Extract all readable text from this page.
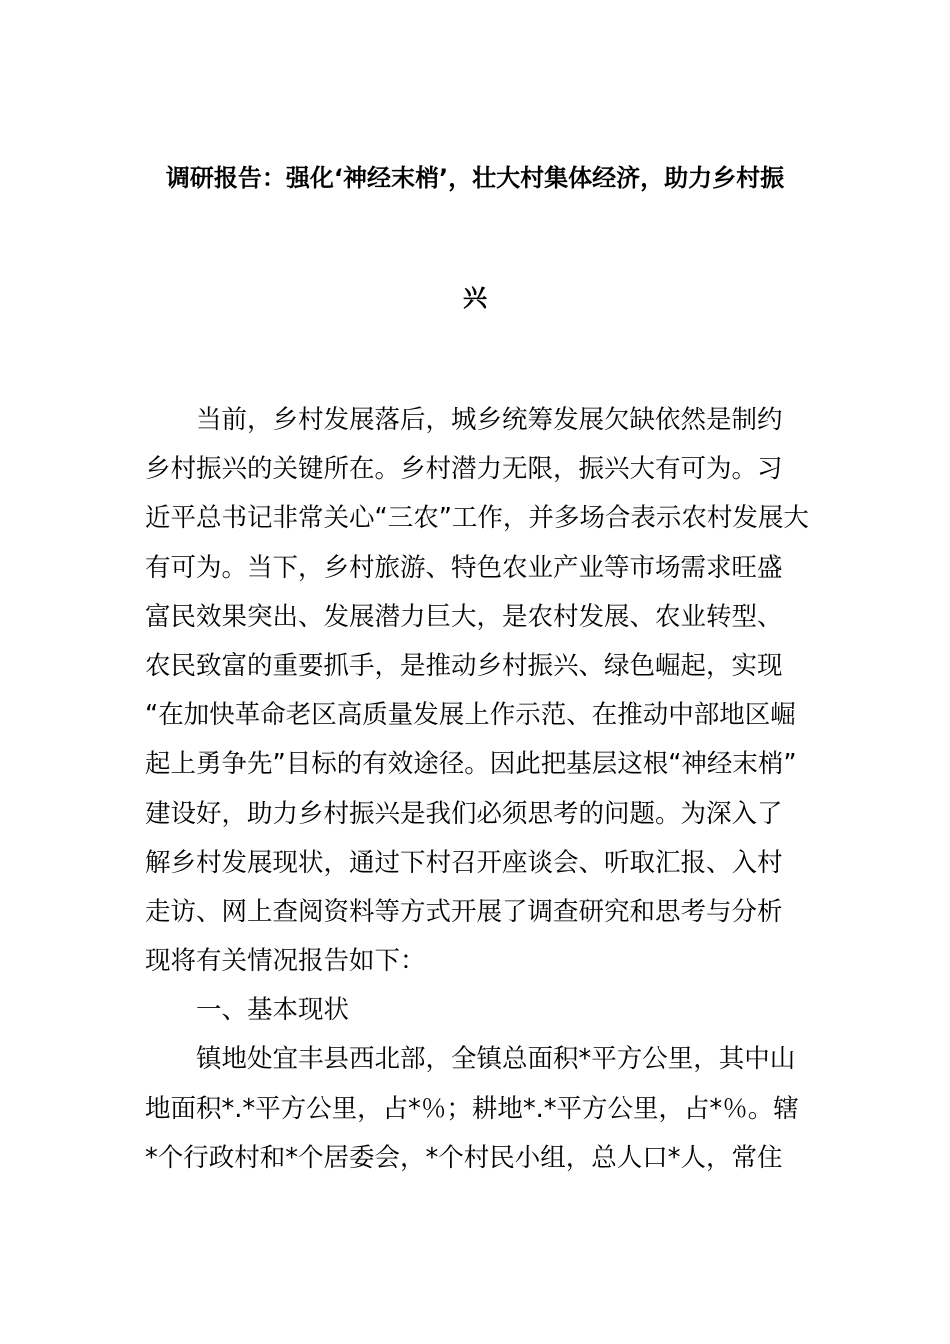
调研报告：强化‘神经末梢’，壮大村集体经济，助力乡村振
兴
当前，乡村发展落后，城乡统筹发展欠缺依然是制约
乡村振兴的关键所在。乡村潜力无限，振兴大有可为。习
近平总书记非常关心“三农”工作，并多场合表示农村发展大
有可为。当下，乡村旅游、特色农业产业等市场需求旺盛
富民效果突出、发展潜力巨大，是农村发展、农业转型、
农民致富的重要抓手，是推动乡村振兴、绿色崛起，实现
“在加快革命老区高质量发展上作示范、在推动中部地区崛
起上勇争先”目标的有效途径。因此把基层这根“神经末梢”
建设好，助力乡村振兴是我们必须思考的问题。为深入了
解乡村发展现状，通过下村召开座谈会、听取汇报、入村
走访、网上查阅资料等方式开展了调查研究和思考与分析
现将有关情况报告如下：
一、基本现状
镇地处宜丰县西北部，全镇总面积*平方公里，其中山
地面积*.*平方公里，占*％；耕地*.*平方公里，占*％。辖
*个行政村和*个居委会，*个村民小组，总人口*人，常住
